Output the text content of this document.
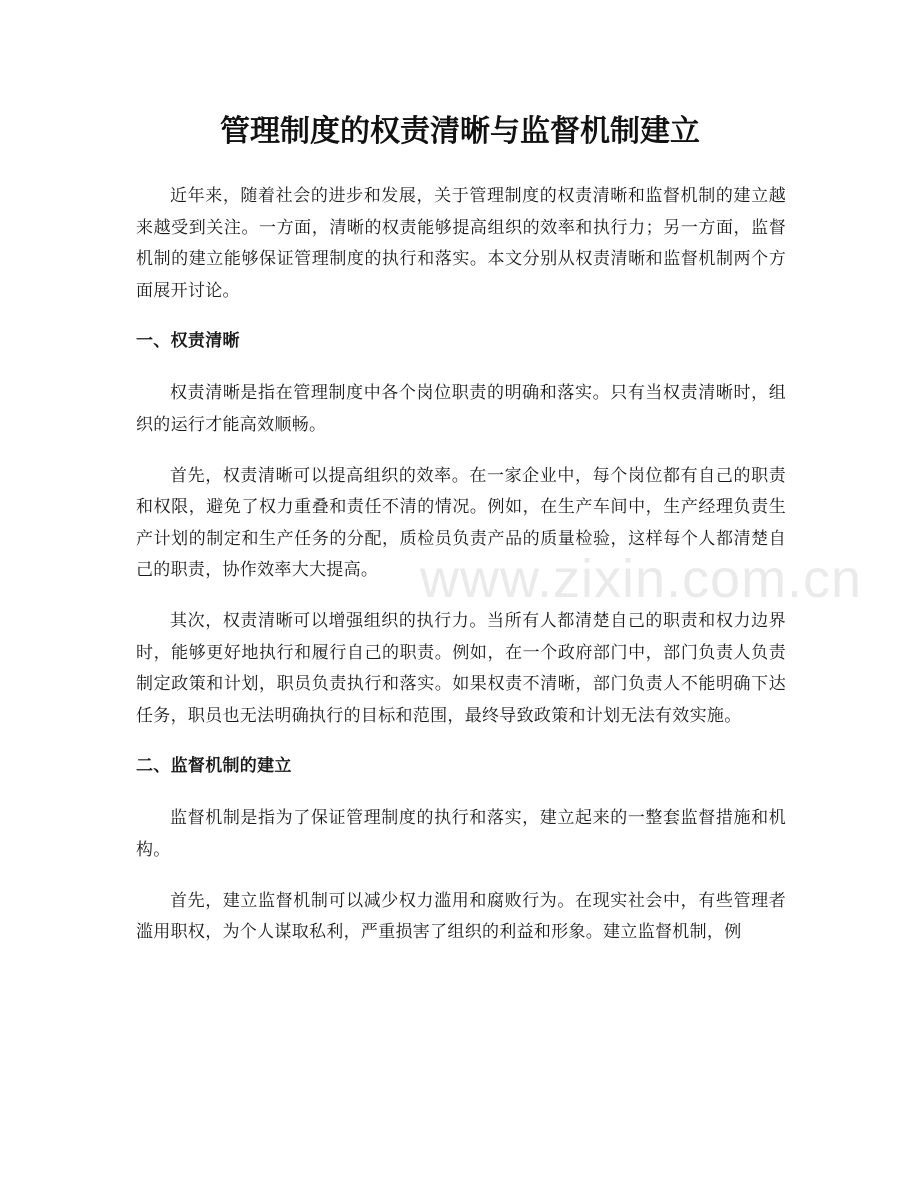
管理制度的权责清晰与监督机制建立

近年来，随着社会的进步和发展，关于管理制度的权责清晰和监督机制的建立越来越受到关注。一方面，清晰的权责能够提高组织的效率和执行力；另一方面，监督机制的建立能够保证管理制度的执行和落实。本文分别从权责清晰和监督机制两个方面展开讨论。

一、权责清晰

权责清晰是指在管理制度中各个岗位职责的明确和落实。只有当权责清晰时，组织的运行才能高效顺畅。

首先，权责清晰可以提高组织的效率。在一家企业中，每个岗位都有自己的职责和权限，避免了权力重叠和责任不清的情况。例如，在生产车间中，生产经理负责生产计划的制定和生产任务的分配，质检员负责产品的质量检验，这样每个人都清楚自己的职责，协作效率大大提高。

其次，权责清晰可以增强组织的执行力。当所有人都清楚自己的职责和权力边界时，能够更好地执行和履行自己的职责。例如，在一个政府部门中，部门负责人负责制定政策和计划，职员负责执行和落实。如果权责不清晰，部门负责人不能明确下达任务，职员也无法明确执行的目标和范围，最终导致政策和计划无法有效实施。

二、监督机制的建立

监督机制是指为了保证管理制度的执行和落实，建立起来的一整套监督措施和机构。

首先，建立监督机制可以减少权力滥用和腐败行为。在现实社会中，有些管理者滥用职权，为个人谋取私利，严重损害了组织的利益和形象。建立监督机制，例

www.zixin.com.cn
